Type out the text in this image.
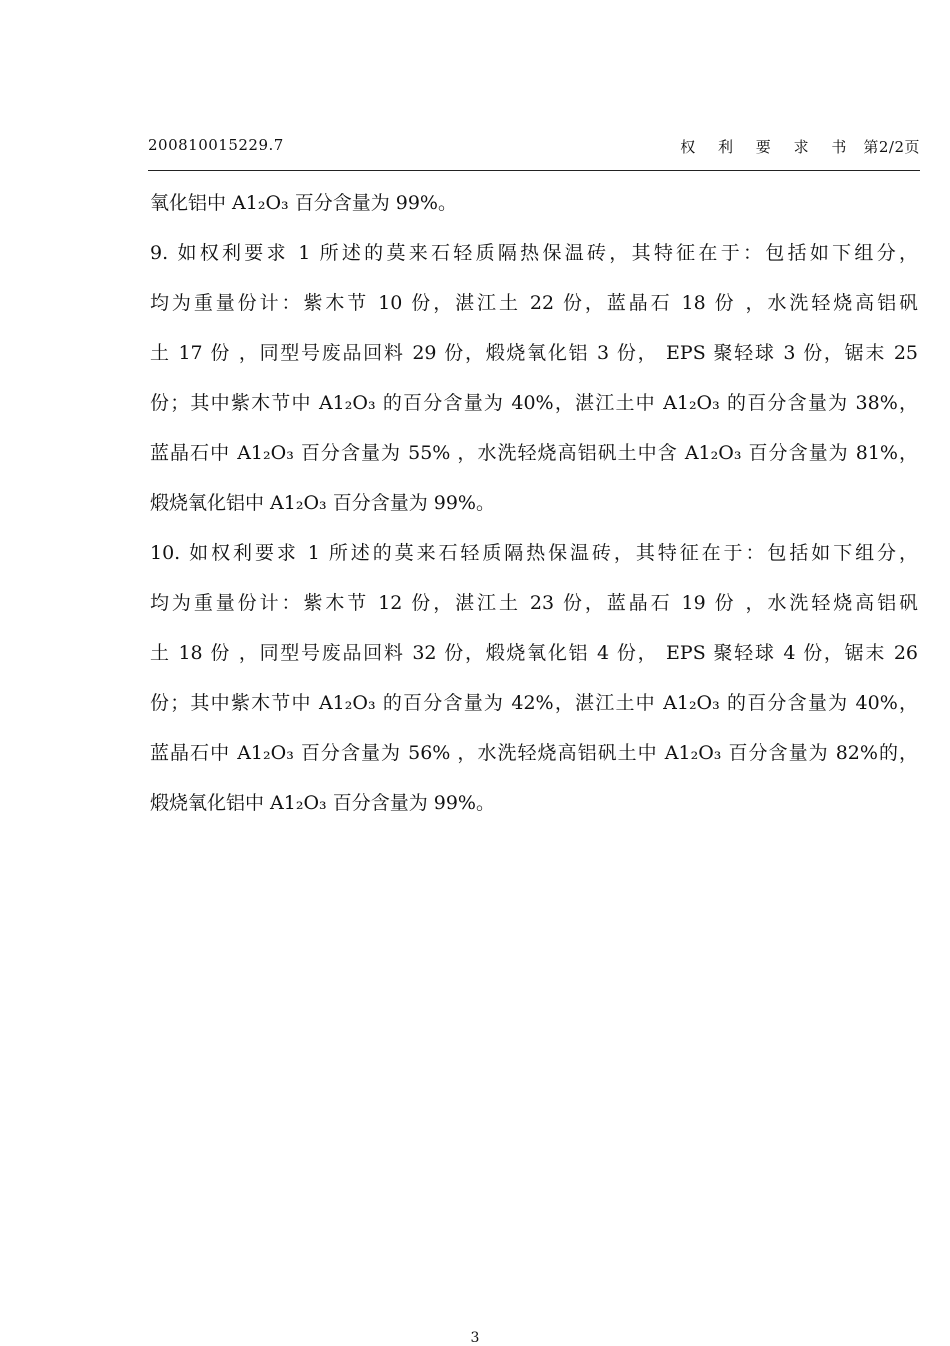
200810015229.7	权 利 要 求 书 第2/2页
氧化铝中 A1₂O₃ 百分含量为 99%。
9. 如权利要求 1 所述的莫来石轻质隔热保温砖，其特征在于：包括如下组分，
均为重量份计：紫木节 10 份，湛江土 22 份，蓝晶石 18 份 ，水洗轻烧高铝矾
土 17 份 ，同型号废品回料 29 份，煅烧氧化铝 3 份， EPS 聚轻球 3 份，锯末 25
份；其中紫木节中 A1₂O₃ 的百分含量为 40%，湛江土中 A1₂O₃ 的百分含量为 38%，
蓝晶石中 A1₂O₃ 百分含量为 55% ，水洗轻烧高铝矾土中含 A1₂O₃ 百分含量为 81%，
煅烧氧化铝中 A1₂O₃ 百分含量为 99%。
10. 如权利要求 1 所述的莫来石轻质隔热保温砖，其特征在于：包括如下组分，
均为重量份计：紫木节 12 份，湛江土 23 份，蓝晶石 19 份 ，水洗轻烧高铝矾
土 18 份 ，同型号废品回料 32 份，煅烧氧化铝 4 份， EPS 聚轻球 4 份，锯末 26
份；其中紫木节中 A1₂O₃ 的百分含量为 42%，湛江土中 A1₂O₃ 的百分含量为 40%，
蓝晶石中 A1₂O₃ 百分含量为 56% ，水洗轻烧高铝矾土中 A1₂O₃ 百分含量为 82%的，
煅烧氧化铝中 A1₂O₃ 百分含量为 99%。
3
